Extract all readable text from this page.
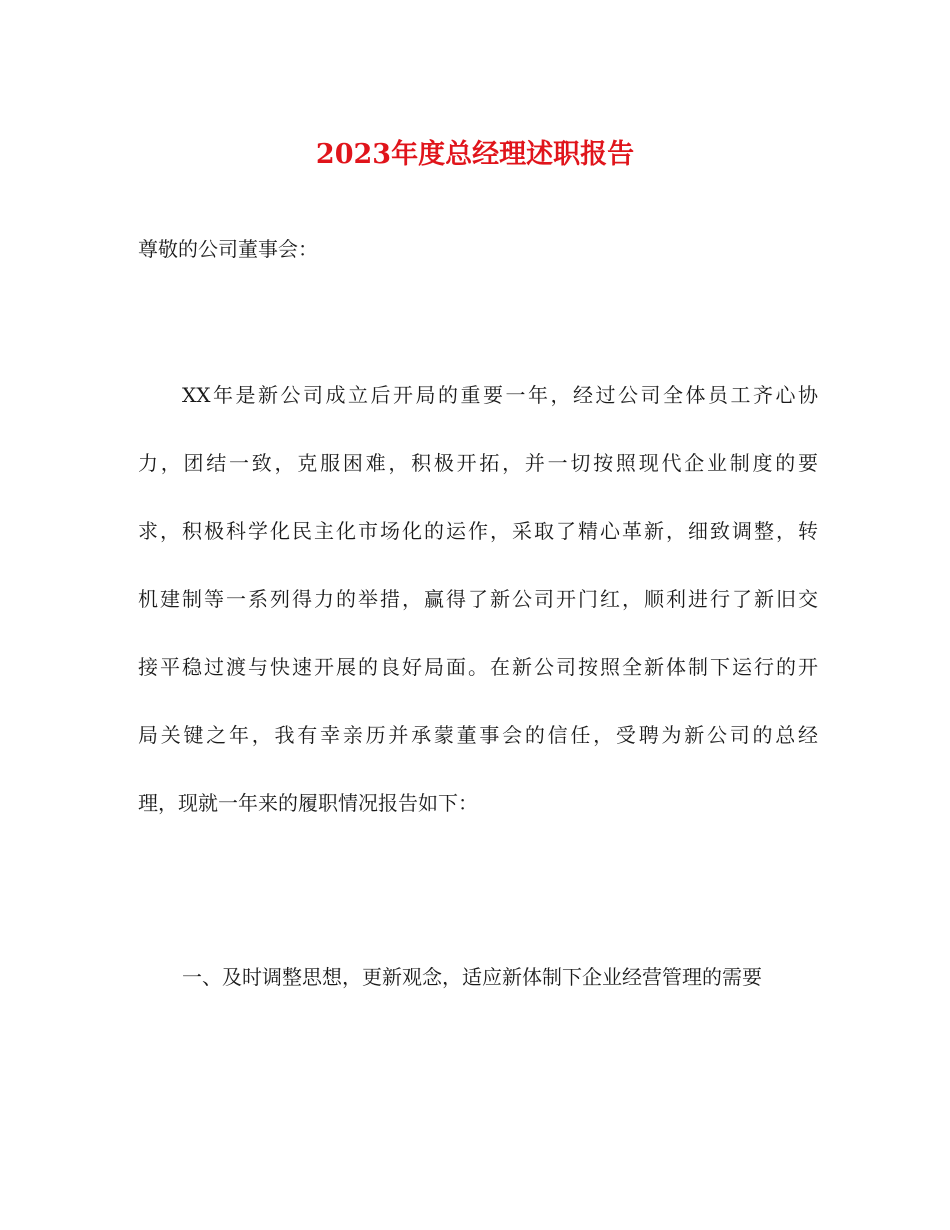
2023年度总经理述职报告
尊敬的公司董事会：
XX年是新公司成立后开局的重要一年，经过公司全体员工齐心协
力，团结一致，克服困难，积极开拓，并一切按照现代企业制度的要
求，积极科学化民主化市场化的运作，采取了精心革新，细致调整，转
机建制等一系列得力的举措，赢得了新公司开门红，顺利进行了新旧交
接平稳过渡与快速开展的良好局面。在新公司按照全新体制下运行的开
局关键之年，我有幸亲历并承蒙董事会的信任，受聘为新公司的总经
理，现就一年来的履职情况报告如下：
一、及时调整思想，更新观念，适应新体制下企业经营管理的需要
